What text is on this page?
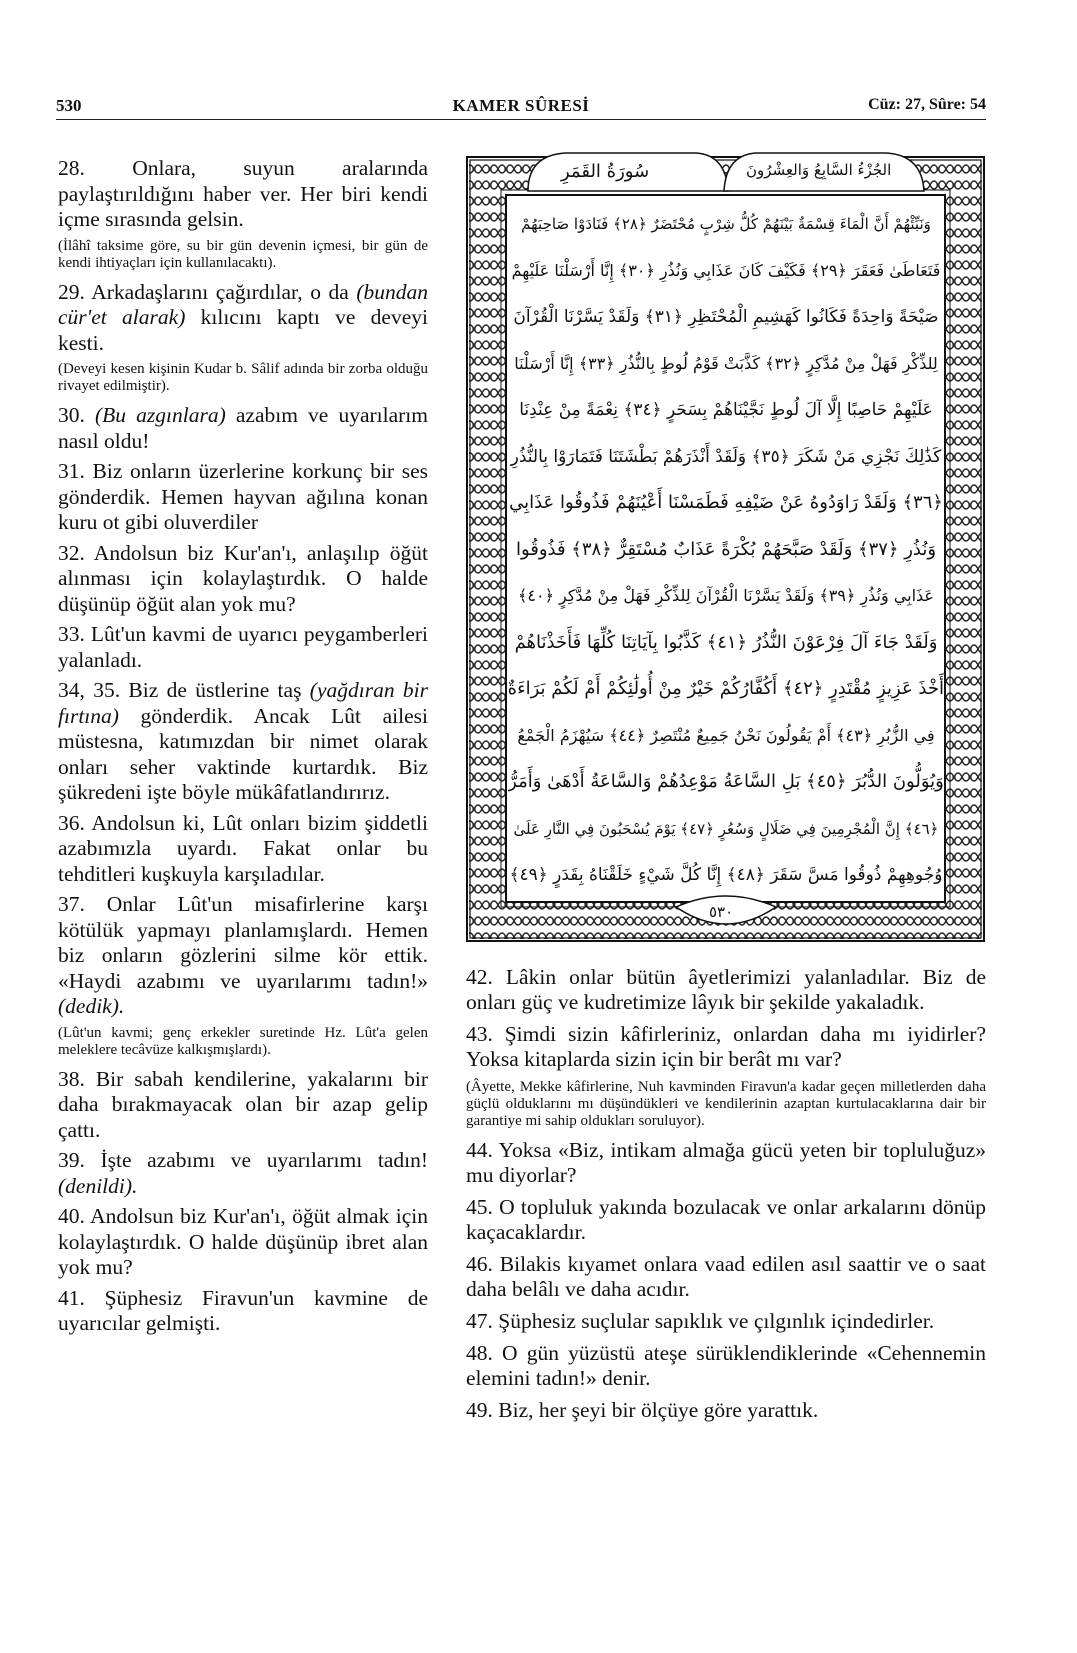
530	KAMER SÛRESİ	Cüz: 27, Sûre: 54

28. Onlara, suyun aralarında paylaştırıldığını haber ver. Her biri kendi içme sırasında gelsin.

(İlâhî taksime göre, su bir gün devenin içmesi, bir gün de kendi ihtiyaçları için kullanılacaktı).

29. Arkadaşlarını çağırdılar, o da (bundan cür'et alarak) kılıcını kaptı ve deveyi kesti.

(Deveyi kesen kişinin Kudar b. Sâlif adında bir zorba olduğu rivayet edilmiştir).

30. (Bu azgınlara) azabım ve uyarılarım nasıl oldu!

31. Biz onların üzerlerine korkunç bir ses gönderdik. Hemen hayvan ağılına konan kuru ot gibi oluverdiler

32. Andolsun biz Kur'an'ı, anlaşılıp öğüt alınması için kolaylaştırdık. O halde düşünüp öğüt alan yok mu?

33. Lût'un kavmi de uyarıcı peygamberleri yalanladı.

34, 35. Biz de üstlerine taş (yağdıran bir fırtına) gönderdik. Ancak Lût ailesi müstesna, katımızdan bir nimet olarak onları seher vaktinde kurtardık. Biz şükredeni işte böyle mükâfatlandırırız.

36. Andolsun ki, Lût onları bizim şiddetli azabımızla uyardı. Fakat onlar bu tehditleri kuşkuyla karşıladılar.

37. Onlar Lût'un misafirlerine karşı kötülük yapmayı planlamışlardı. Hemen biz onların gözlerini silme kör ettik. «Haydi azabımı ve uyarılarımı tadın!» (dedik).

(Lût'un kavmi; genç erkekler suretinde Hz. Lût'a gelen meleklere tecâvüze kalkışmışlardı).

38. Bir sabah kendilerine, yakalarını bir daha bırakmayacak olan bir azap gelip çattı.

39. İşte azabımı ve uyarılarımı tadın! (denildi).

40. Andolsun biz Kur'an'ı, öğüt almak için kolaylaştırdık. O halde düşünüp ibret alan yok mu?

41. Şüphesiz Firavun'un kavmine de uyarıcılar gelmişti.

سُورَةُ القَمَرِ	الجُزْءُ السَّابِعُ وَالعِشْرُونَ
٥٣٠
وَنَبِّئْهُمْ أَنَّ الْمَاءَ قِسْمَةٌ بَيْنَهُمْ كُلُّ شِرْبٍ مُحْتَضَرٌ ﴿٢٨﴾ فَنَادَوْا صَاحِبَهُمْ
فَتَعَاطَىٰ فَعَقَرَ ﴿٢٩﴾ فَكَيْفَ كَانَ عَذَابِي وَنُذُرِ ﴿٣٠﴾ إِنَّا أَرْسَلْنَا عَلَيْهِمْ
صَيْحَةً وَاحِدَةً فَكَانُوا كَهَشِيمِ الْمُحْتَظِرِ ﴿٣١﴾ وَلَقَدْ يَسَّرْنَا الْقُرْآنَ
لِلذِّكْرِ فَهَلْ مِنْ مُدَّكِرٍ ﴿٣٢﴾ كَذَّبَتْ قَوْمُ لُوطٍ بِالنُّذُرِ ﴿٣٣﴾ إِنَّا أَرْسَلْنَا
عَلَيْهِمْ حَاصِبًا إِلَّا آلَ لُوطٍ نَجَّيْنَاهُمْ بِسَحَرٍ ﴿٣٤﴾ نِعْمَةً مِنْ عِنْدِنَا
كَذَٰلِكَ نَجْزِي مَنْ شَكَرَ ﴿٣٥﴾ وَلَقَدْ أَنْذَرَهُمْ بَطْشَتَنَا فَتَمَارَوْا بِالنُّذُرِ
﴿٣٦﴾ وَلَقَدْ رَاوَدُوهُ عَنْ ضَيْفِهِ فَطَمَسْنَا أَعْيُنَهُمْ فَذُوقُوا عَذَابِي
وَنُذُرِ ﴿٣٧﴾ وَلَقَدْ صَبَّحَهُمْ بُكْرَةً عَذَابٌ مُسْتَقِرٌّ ﴿٣٨﴾ فَذُوقُوا
عَذَابِي وَنُذُرِ ﴿٣٩﴾ وَلَقَدْ يَسَّرْنَا الْقُرْآنَ لِلذِّكْرِ فَهَلْ مِنْ مُدَّكِرٍ ﴿٤٠﴾
وَلَقَدْ جَاءَ آلَ فِرْعَوْنَ النُّذُرُ ﴿٤١﴾ كَذَّبُوا بِآيَاتِنَا كُلِّهَا فَأَخَذْنَاهُمْ
أَخْذَ عَزِيزٍ مُقْتَدِرٍ ﴿٤٢﴾ أَكُفَّارُكُمْ خَيْرٌ مِنْ أُولَٰئِكُمْ أَمْ لَكُمْ بَرَاءَةٌ
فِي الزُّبُرِ ﴿٤٣﴾ أَمْ يَقُولُونَ نَحْنُ جَمِيعٌ مُنْتَصِرٌ ﴿٤٤﴾ سَيُهْزَمُ الْجَمْعُ
وَيُوَلُّونَ الدُّبُرَ ﴿٤٥﴾ بَلِ السَّاعَةُ مَوْعِدُهُمْ وَالسَّاعَةُ أَدْهَىٰ وَأَمَرُّ
﴿٤٦﴾ إِنَّ الْمُجْرِمِينَ فِي ضَلَالٍ وَسُعُرٍ ﴿٤٧﴾ يَوْمَ يُسْحَبُونَ فِي النَّارِ عَلَىٰ
وُجُوهِهِمْ ذُوقُوا مَسَّ سَقَرَ ﴿٤٨﴾ إِنَّا كُلَّ شَيْءٍ خَلَقْنَاهُ بِقَدَرٍ ﴿٤٩﴾

42. Lâkin onlar bütün âyetlerimizi yalanladılar. Biz de onları güç ve kudretimize lâyık bir şekilde yakaladık.

43. Şimdi sizin kâfirleriniz, onlardan daha mı iyidirler? Yoksa kitaplarda sizin için bir berât mı var?

(Âyette, Mekke kâfirlerine, Nuh kavminden Firavun'a kadar geçen milletlerden daha güçlü olduklarını mı düşündükleri ve kendilerinin azaptan kurtulacaklarına dair bir garantiye mi sahip oldukları soruluyor).

44. Yoksa «Biz, intikam almağa gücü yeten bir topluluğuz» mu diyorlar?

45. O topluluk yakında bozulacak ve onlar arkalarını dönüp kaçacaklardır.

46. Bilakis kıyamet onlara vaad edilen asıl saattir ve o saat daha belâlı ve daha acıdır.

47. Şüphesiz suçlular sapıklık ve çılgınlık içindedirler.

48. O gün yüzüstü ateşe sürüklendiklerinde «Cehennemin elemini tadın!» denir.

49. Biz, her şeyi bir ölçüye göre yarattık.
